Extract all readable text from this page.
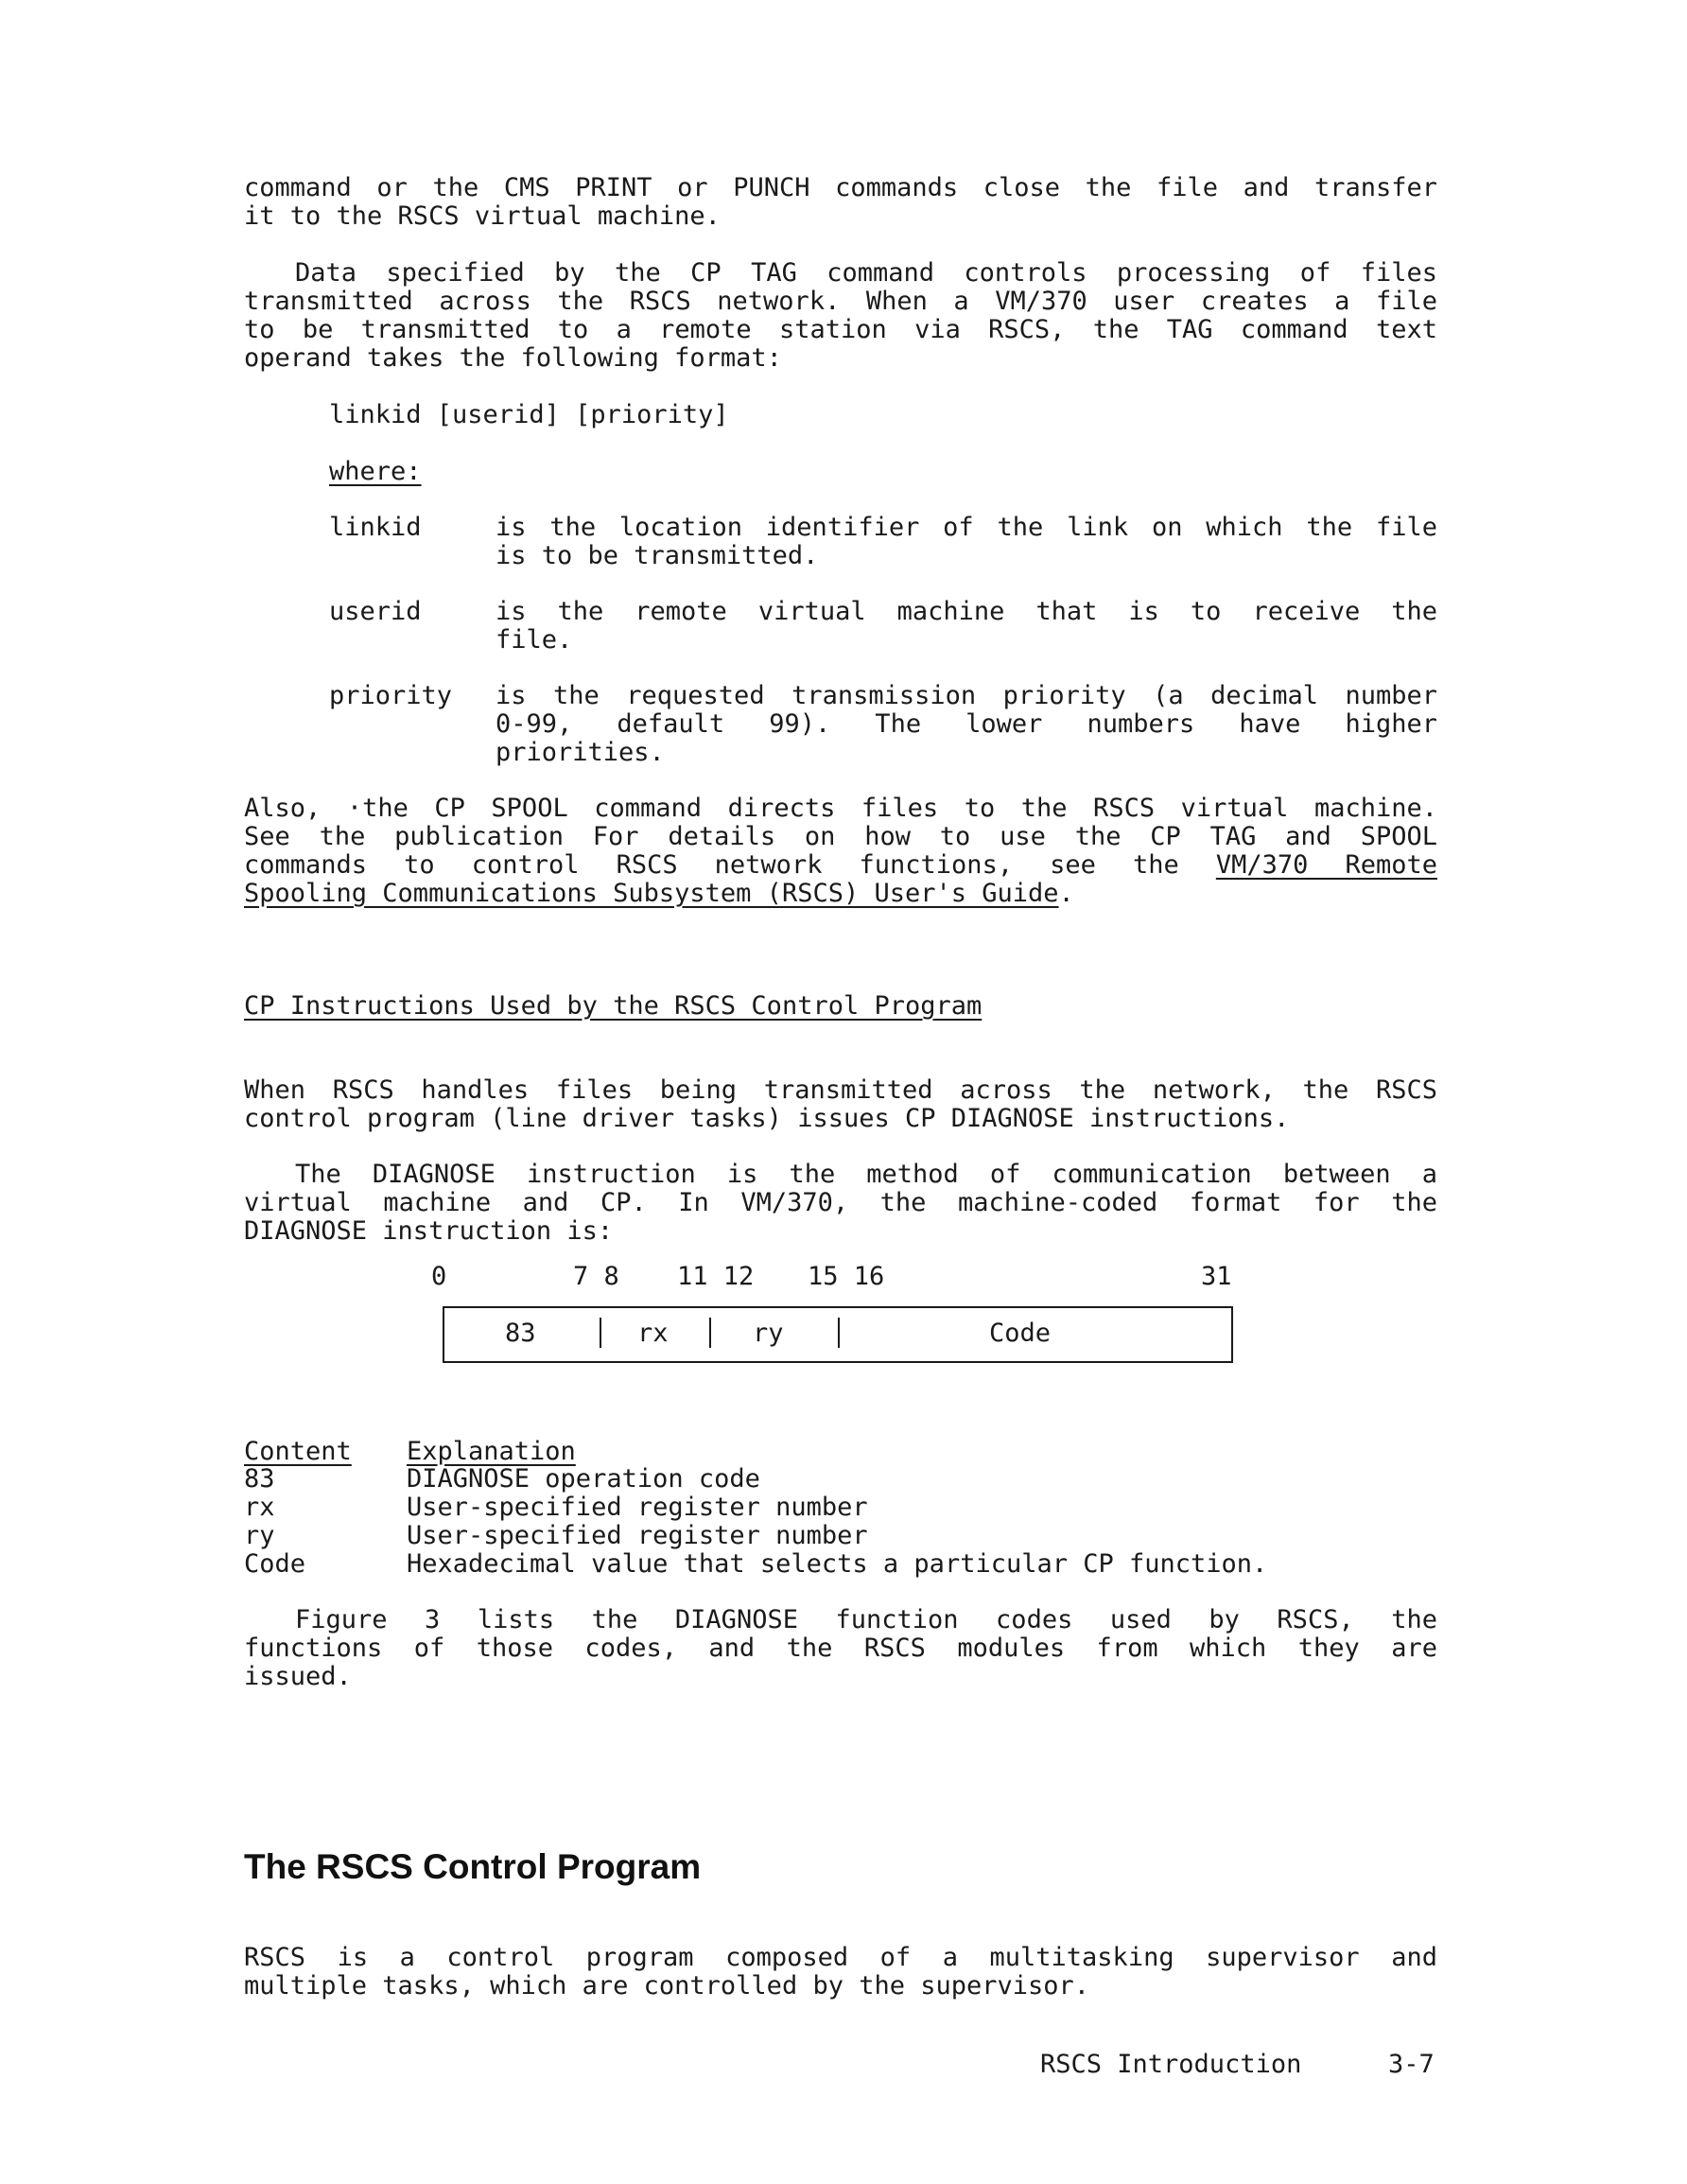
command or the CMS PRINT or PUNCH commands close the file and transfer
it to the RSCS virtual machine.
Data specified by the CP TAG command controls processing of files
transmitted across the RSCS network. When a VM/370 user creates a file
to be transmitted to a remote station via RSCS, the TAG command text
operand takes the following format:
linkid [userid] [priority]
where:
linkid	is the location identifier of the link on which the file
is to be transmitted.
userid	is the remote virtual machine that is to receive the
file.
priority is the requested transmission priority (a decimal number
0-99, default 99). The lower numbers have higher
priorities.
Also, ·the CP SPOOL command directs files to the RSCS virtual machine.
See the publication For details on how to use the CP TAG and SPOOL
commands to control RSCS network functions, see the VM/370 Remote
Spooling Communications Subsystem (RSCS) User's Guide.
CP Instructions Used by the RSCS Control Program
When RSCS handles files being transmitted across the network, the RSCS
control program (line driver tasks) issues CP DIAGNOSE instructions.
The DIAGNOSE instruction is the method of communication between a
virtual machine and CP. In VM/370, the machine-coded format for the
DIAGNOSE instruction is:
0	7 8 11 12 15 16	31
83	rx	ry	Code
Content Explanation
83	DIAGNOSE operation code
rx	User-specified register number
ry	User-specified register number
Code	Hexadecimal value that selects a particular CP function.
Figure 3 lists the DIAGNOSE function codes used by RSCS, the
functions of those codes, and the RSCS modules from which they are
issued.
The RSCS Control Program
RSCS is a control program composed of a multitasking supervisor and
multiple tasks, which are controlled by the supervisor.
RSCS Introduction	3-7
